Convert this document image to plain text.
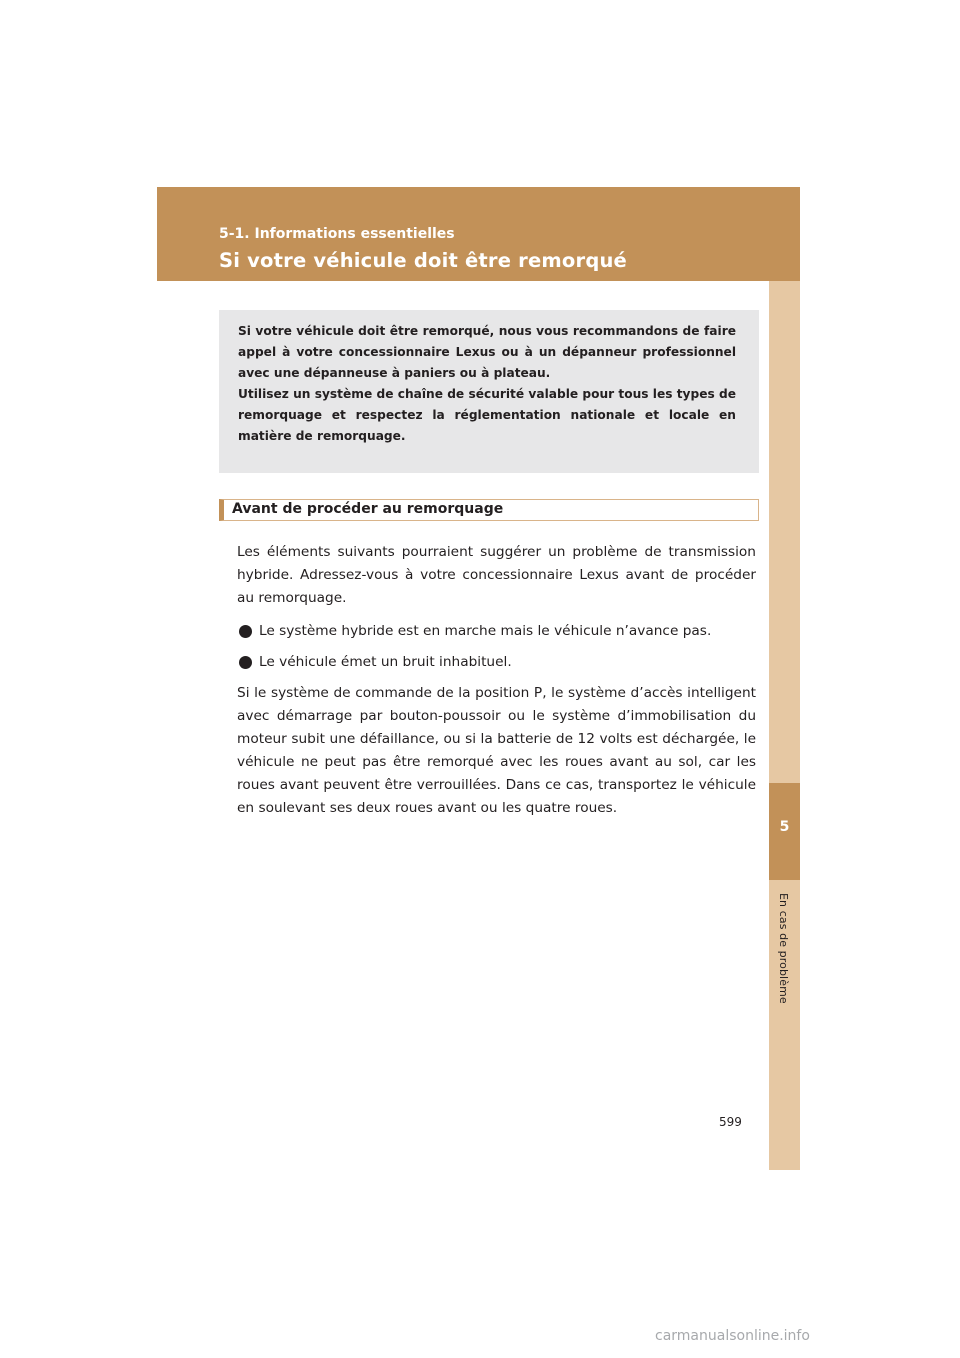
5-1. Informations essentielles
Si votre véhicule doit être remorqué
5
En cas de problème

Si votre véhicule doit être remorqué, nous vous recommandons de faire appel à votre concessionnaire Lexus ou à un dépanneur professionnel avec une dépanneuse à paniers ou à plateau.

Utilisez un système de chaîne de sécurité valable pour tous les types de remorquage et respectez la réglementation nationale et locale en matière de remorquage.

Avant de procéder au remorquage

Les éléments suivants pourraient suggérer un problème de transmission hybride. Adressez-vous à votre concessionnaire Lexus avant de procéder au remorquage.

Le système hybride est en marche mais le véhicule n’avance pas.
Le véhicule émet un bruit inhabituel.

Si le système de commande de la position P, le système d’accès intelligent avec démarrage par bouton-poussoir ou le système d’immobilisation du moteur subit une défaillance, ou si la batterie de 12 volts est déchargée, le véhicule ne peut pas être remorqué avec les roues avant au sol, car les roues avant peuvent être verrouillées. Dans ce cas, transportez le véhicule en soulevant ses deux roues avant ou les quatre roues.

599
carmanualsonline.info
